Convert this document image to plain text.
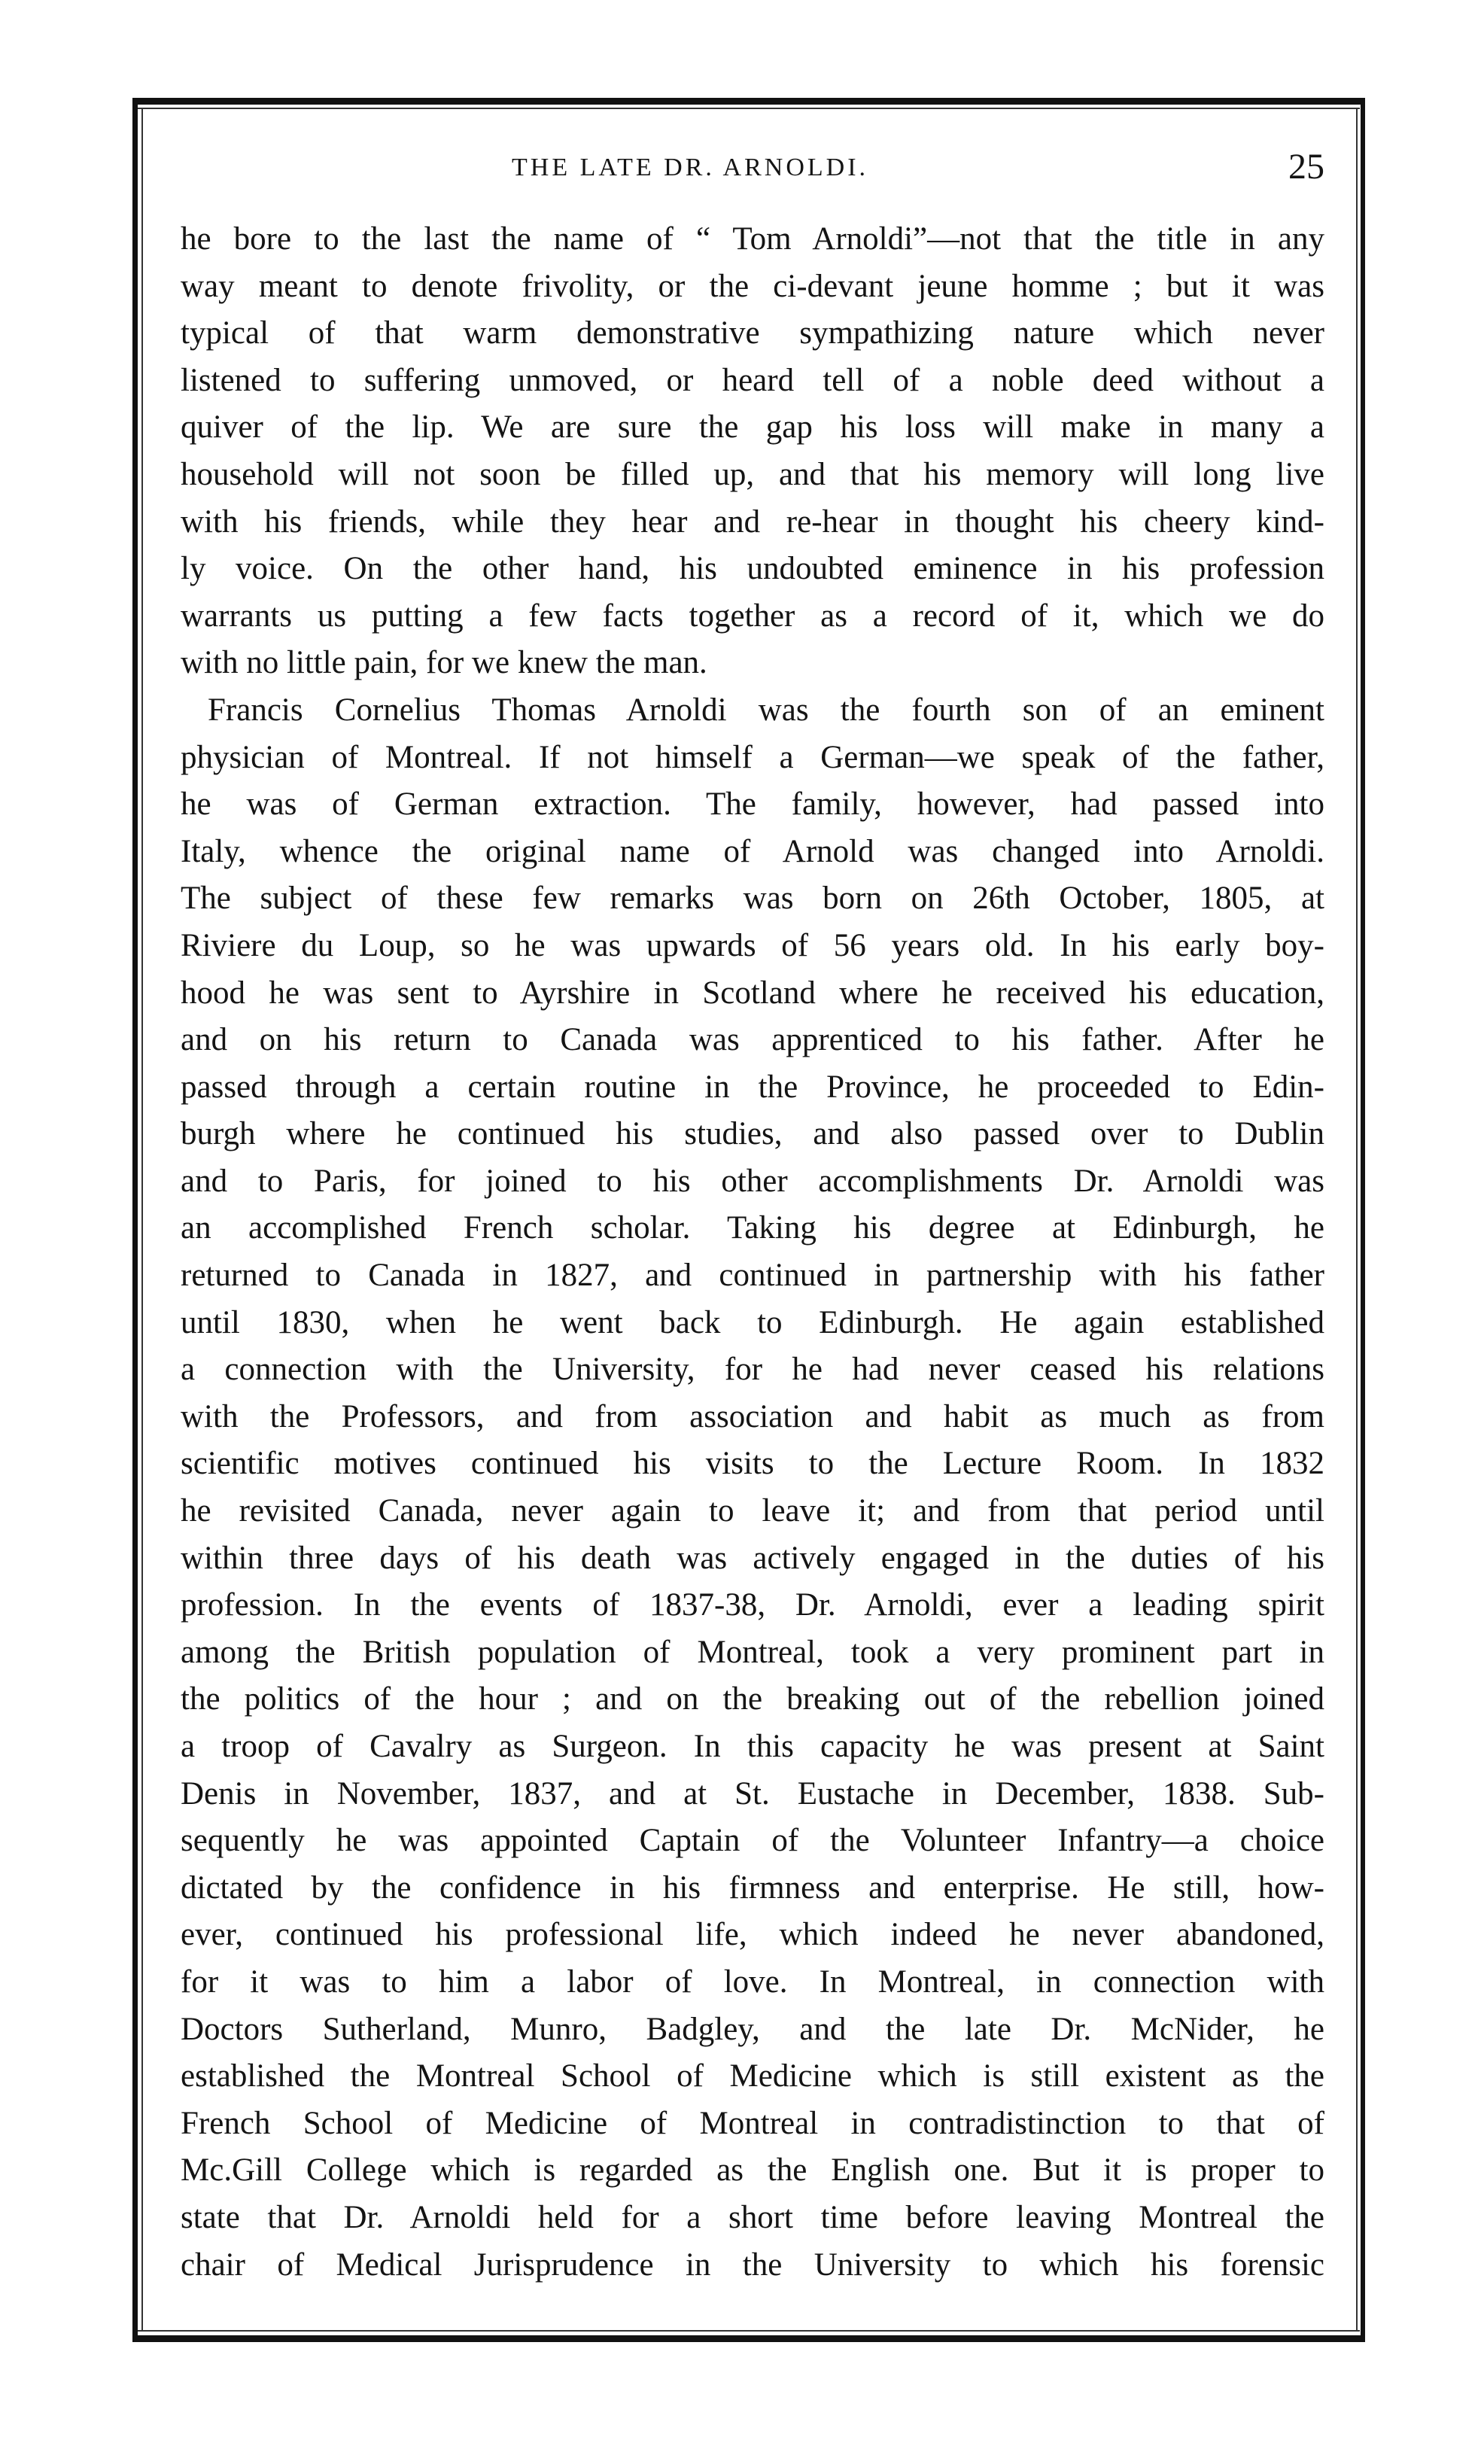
THE LATE DR. ARNOLDI.	25
he bore to the last the name of “ Tom Arnoldi”—not that the title in any
way meant to denote frivolity, or the ci-devant jeune homme ; but it was
typical of that warm demonstrative sympathizing nature which never
listened to suffering unmoved, or heard tell of a noble deed without a
quiver of the lip. We are sure the gap his loss will make in many a
household will not soon be filled up, and that his memory will long live
with his friends, while they hear and re-hear in thought his cheery kind-
ly voice. On the other hand, his undoubted eminence in his profession
warrants us putting a few facts together as a record of it, which we do
with no little pain, for we knew the man.
Francis Cornelius Thomas Arnoldi was the fourth son of an eminent
physician of Montreal. If not himself a German—we speak of the father,
he was of German extraction. The family, however, had passed into
Italy, whence the original name of Arnold was changed into Arnoldi.
The subject of these few remarks was born on 26th October, 1805, at
Riviere du Loup, so he was upwards of 56 years old. In his early boy-
hood he was sent to Ayrshire in Scotland where he received his education,
and on his return to Canada was apprenticed to his father. After he
passed through a certain routine in the Province, he proceeded to Edin-
burgh where he continued his studies, and also passed over to Dublin
and to Paris, for joined to his other accomplishments Dr. Arnoldi was
an accomplished French scholar. Taking his degree at Edinburgh, he
returned to Canada in 1827, and continued in partnership with his father
until 1830, when he went back to Edinburgh. He again established
a connection with the University, for he had never ceased his relations
with the Professors, and from association and habit as much as from
scientific motives continued his visits to the Lecture Room. In 1832
he revisited Canada, never again to leave it; and from that period until
within three days of his death was actively engaged in the duties of his
profession. In the events of 1837-38, Dr. Arnoldi, ever a leading spirit
among the British population of Montreal, took a very prominent part in
the politics of the hour ; and on the breaking out of the rebellion joined
a troop of Cavalry as Surgeon. In this capacity he was present at Saint
Denis in November, 1837, and at St. Eustache in December, 1838. Sub-
sequently he was appointed Captain of the Volunteer Infantry—a choice
dictated by the confidence in his firmness and enterprise. He still, how-
ever, continued his professional life, which indeed he never abandoned,
for it was to him a labor of love. In Montreal, in connection with
Doctors Sutherland, Munro, Badgley, and the late Dr. McNider, he
established the Montreal School of Medicine which is still existent as the
French School of Medicine of Montreal in contradistinction to that of
Mc.Gill College which is regarded as the English one. But it is proper to
state that Dr. Arnoldi held for a short time before leaving Montreal the
chair of Medical Jurisprudence in the University to which his forensic
